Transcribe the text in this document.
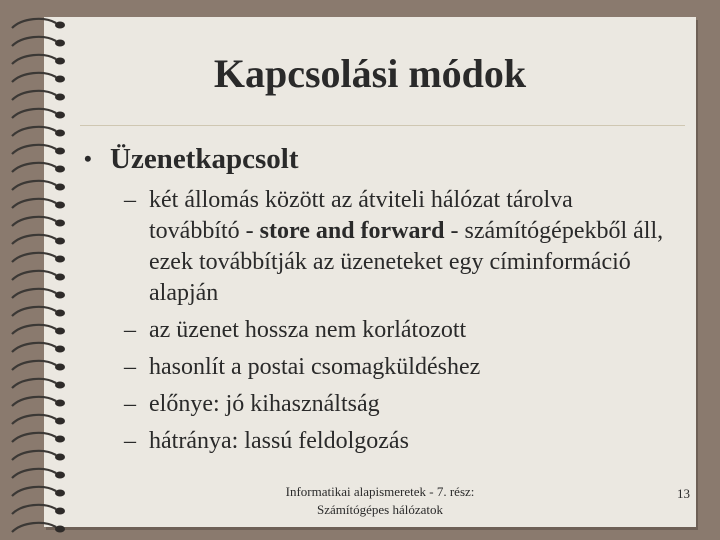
Kapcsolási módok
• Üzenetkapcsolt
– két állomás között az átviteli hálózat tárolva továbbító - store and forward - számítógépekből áll, ezek továbbítják az üzeneteket egy címinformáció alapján
– az üzenet hossza nem korlátozott
– hasonlít a postai csomagküldéshez
– előnye: jó kihasználtság
– hátránya: lassú feldolgozás
Informatikai alapismeretek - 7. rész:
Számítógépes hálózatok
13
